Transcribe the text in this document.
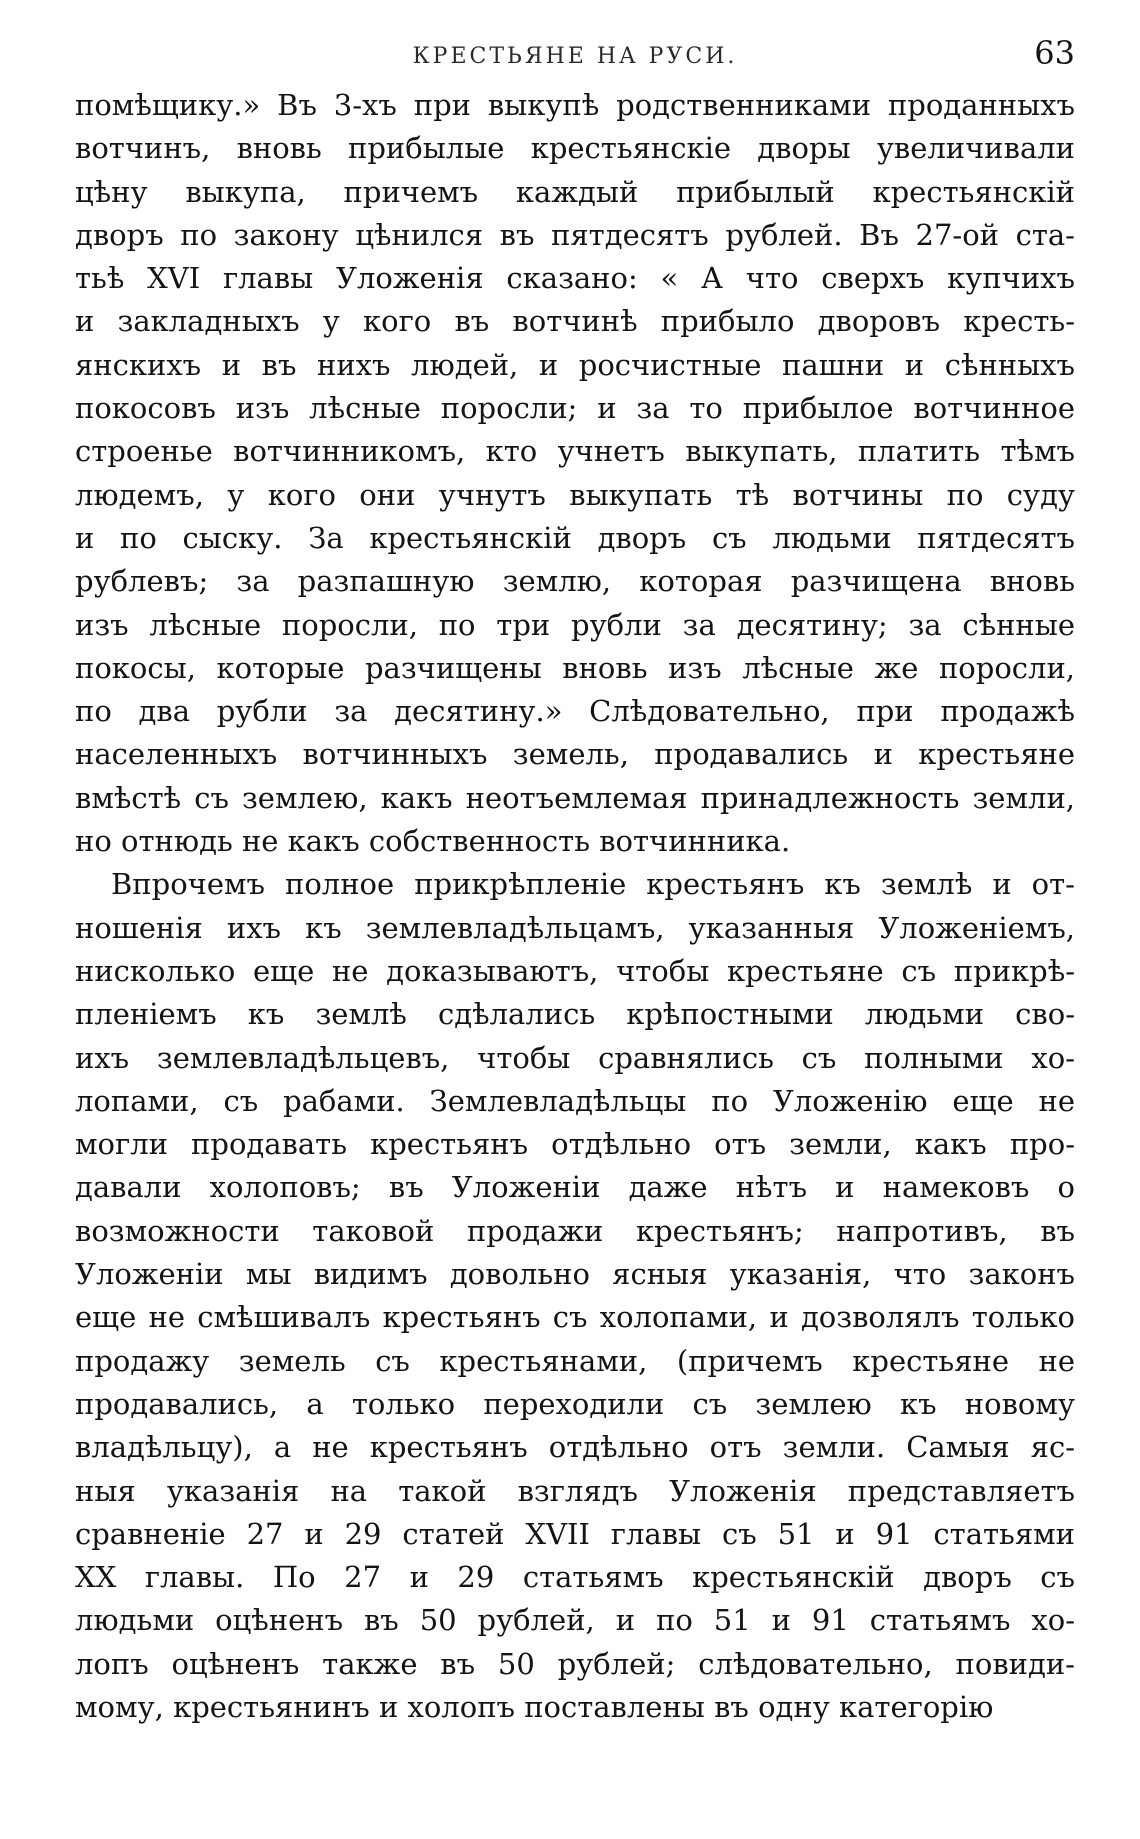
КРЕСТЬЯНЕ НА РУСИ.	63
помѣщику.» Въ 3-хъ при выкупѣ родственниками проданныхъ
вотчинъ, вновь прибылые крестьянскіе дворы увеличивали
цѣну выкупа, причемъ каждый прибылый крестьянскій
дворъ по закону цѣнился въ пятдесятъ рублей. Въ 27-ой ста-
тьѣ XVI главы Уложенія сказано: « А что сверхъ купчихъ
и закладныхъ у кого въ вотчинѣ прибыло дворовъ кресть-
янскихъ и въ нихъ людей, и росчистные пашни и сѣнныхъ
покосовъ изъ лѣсные поросли; и за то прибылое вотчинное
строенье вотчинникомъ, кто учнетъ выкупать, платить тѣмъ
людемъ, у кого они учнутъ выкупать тѣ вотчины по суду
и по сыску. За крестьянскій дворъ съ людьми пятдесятъ
рублевъ; за разпашную землю, которая разчищена вновь
изъ лѣсные поросли, по три рубли за десятину; за сѣнные
покосы, которые разчищены вновь изъ лѣсные же поросли,
по два рубли за десятину.» Слѣдовательно, при продажѣ
населенныхъ вотчинныхъ земель, продавались и крестьяне
вмѣстѣ съ землею, какъ неотъемлемая принадлежность земли,
но отнюдь не какъ собственность вотчинника.
Впрочемъ полное прикрѣпленіе крестьянъ къ землѣ и от-
ношенія ихъ къ землевладѣльцамъ, указанныя Уложеніемъ,
нисколько еще не доказываютъ, чтобы крестьяне съ прикрѣ-
пленіемъ къ землѣ сдѣлались крѣпостными людьми сво-
ихъ землевладѣльцевъ, чтобы сравнялись съ полными хо-
лопами, съ рабами. Землевладѣльцы по Уложенію еще не
могли продавать крестьянъ отдѣльно отъ земли, какъ про-
давали холоповъ; въ Уложеніи даже нѣтъ и намековъ о
возможности таковой продажи крестьянъ; напротивъ, въ
Уложеніи мы видимъ довольно ясныя указанія, что законъ
еще не смѣшивалъ крестьянъ съ холопами, и дозволялъ только
продажу земель съ крестьянами, (причемъ крестьяне не
продавались, а только переходили съ землею къ новому
владѣльцу), а не крестьянъ отдѣльно отъ земли. Самыя яс-
ныя указанія на такой взглядъ Уложенія представляетъ
сравненіе 27 и 29 статей XVII главы съ 51 и 91 статьями
XX главы. По 27 и 29 статьямъ крестьянскій дворъ съ
людьми оцѣненъ въ 50 рублей, и по 51 и 91 статьямъ хо-
лопъ оцѣненъ также въ 50 рублей; слѣдовательно, повиди-
мому, крестьянинъ и холопъ поставлены въ одну категорію
